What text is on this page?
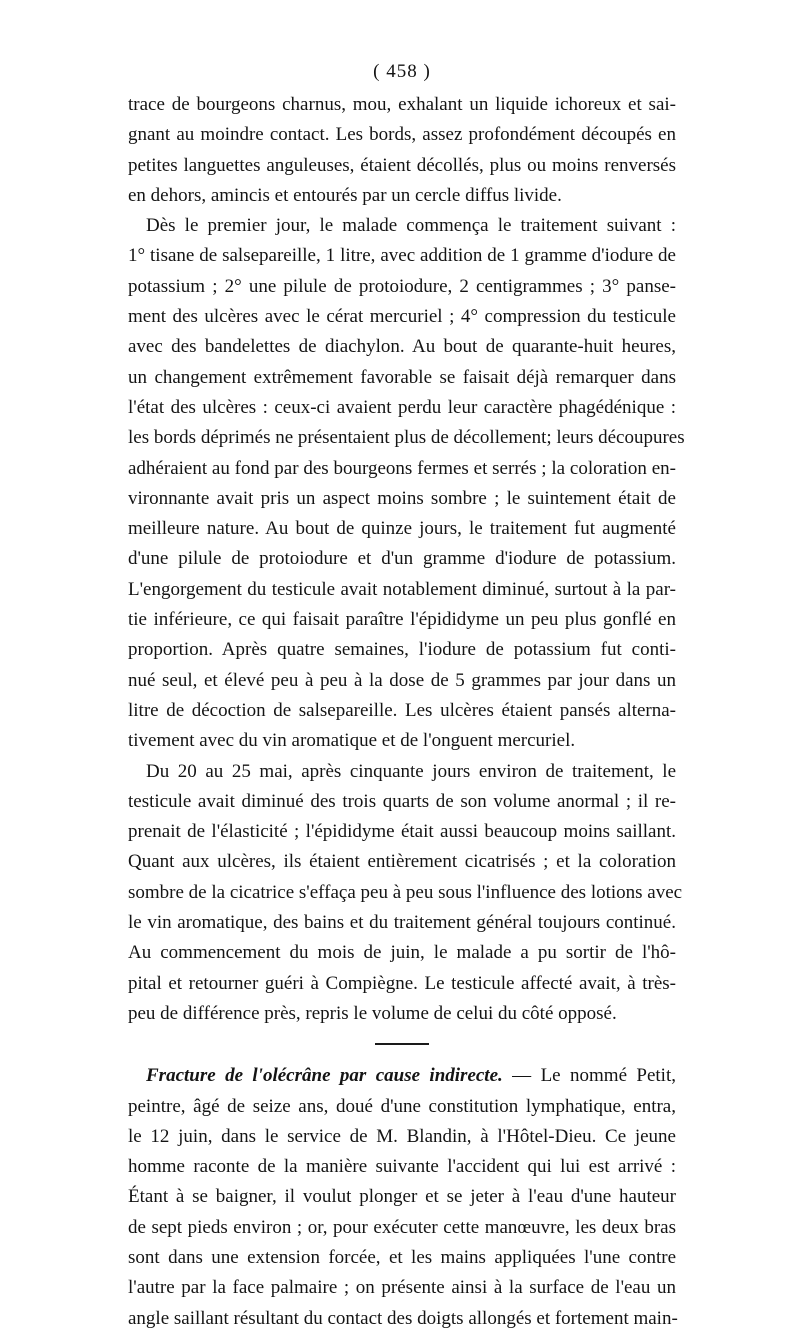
( 458 )
trace de bourgeons charnus, mou, exhalant un liquide ichoreux et sai-
gnant au moindre contact. Les bords, assez profondément découpés en
petites languettes anguleuses, étaient décollés, plus ou moins renversés
en dehors, amincis et entourés par un cercle diffus livide.
Dès le premier jour, le malade commença le traitement suivant :
1° tisane de salsepareille, 1 litre, avec addition de 1 gramme d'iodure de
potassium ; 2° une pilule de protoiodure, 2 centigrammes ; 3° panse-
ment des ulcères avec le cérat mercuriel ; 4° compression du testicule
avec des bandelettes de diachylon. Au bout de quarante-huit heures,
un changement extrêmement favorable se faisait déjà remarquer dans
l'état des ulcères : ceux-ci avaient perdu leur caractère phagédénique :
les bords déprimés ne présentaient plus de décollement; leurs découpures
adhéraient au fond par des bourgeons fermes et serrés ; la coloration en-
vironnante avait pris un aspect moins sombre ; le suintement était de
meilleure nature. Au bout de quinze jours, le traitement fut augmenté
d'une pilule de protoiodure et d'un gramme d'iodure de potassium.
L'engorgement du testicule avait notablement diminué, surtout à la par-
tie inférieure, ce qui faisait paraître l'épididyme un peu plus gonflé en
proportion. Après quatre semaines, l'iodure de potassium fut conti-
nué seul, et élevé peu à peu à la dose de 5 grammes par jour dans un
litre de décoction de salsepareille. Les ulcères étaient pansés alterna-
tivement avec du vin aromatique et de l'onguent mercuriel.
Du 20 au 25 mai, après cinquante jours environ de traitement, le
testicule avait diminué des trois quarts de son volume anormal ; il re-
prenait de l'élasticité ; l'épididyme était aussi beaucoup moins saillant.
Quant aux ulcères, ils étaient entièrement cicatrisés ; et la coloration
sombre de la cicatrice s'effaça peu à peu sous l'influence des lotions avec
le vin aromatique, des bains et du traitement général toujours continué.
Au commencement du mois de juin, le malade a pu sortir de l'hô-
pital et retourner guéri à Compiègne. Le testicule affecté avait, à très-
peu de différence près, repris le volume de celui du côté opposé.
Fracture de l'olécrâne par cause indirecte. — Le nommé Petit,
peintre, âgé de seize ans, doué d'une constitution lymphatique, entra,
le 12 juin, dans le service de M. Blandin, à l'Hôtel-Dieu. Ce jeune
homme raconte de la manière suivante l'accident qui lui est arrivé :
Étant à se baigner, il voulut plonger et se jeter à l'eau d'une hauteur
de sept pieds environ ; or, pour exécuter cette manœuvre, les deux bras
sont dans une extension forcée, et les mains appliquées l'une contre
l'autre par la face palmaire ; on présente ainsi à la surface de l'eau un
angle saillant résultant du contact des doigts allongés et fortement main-
